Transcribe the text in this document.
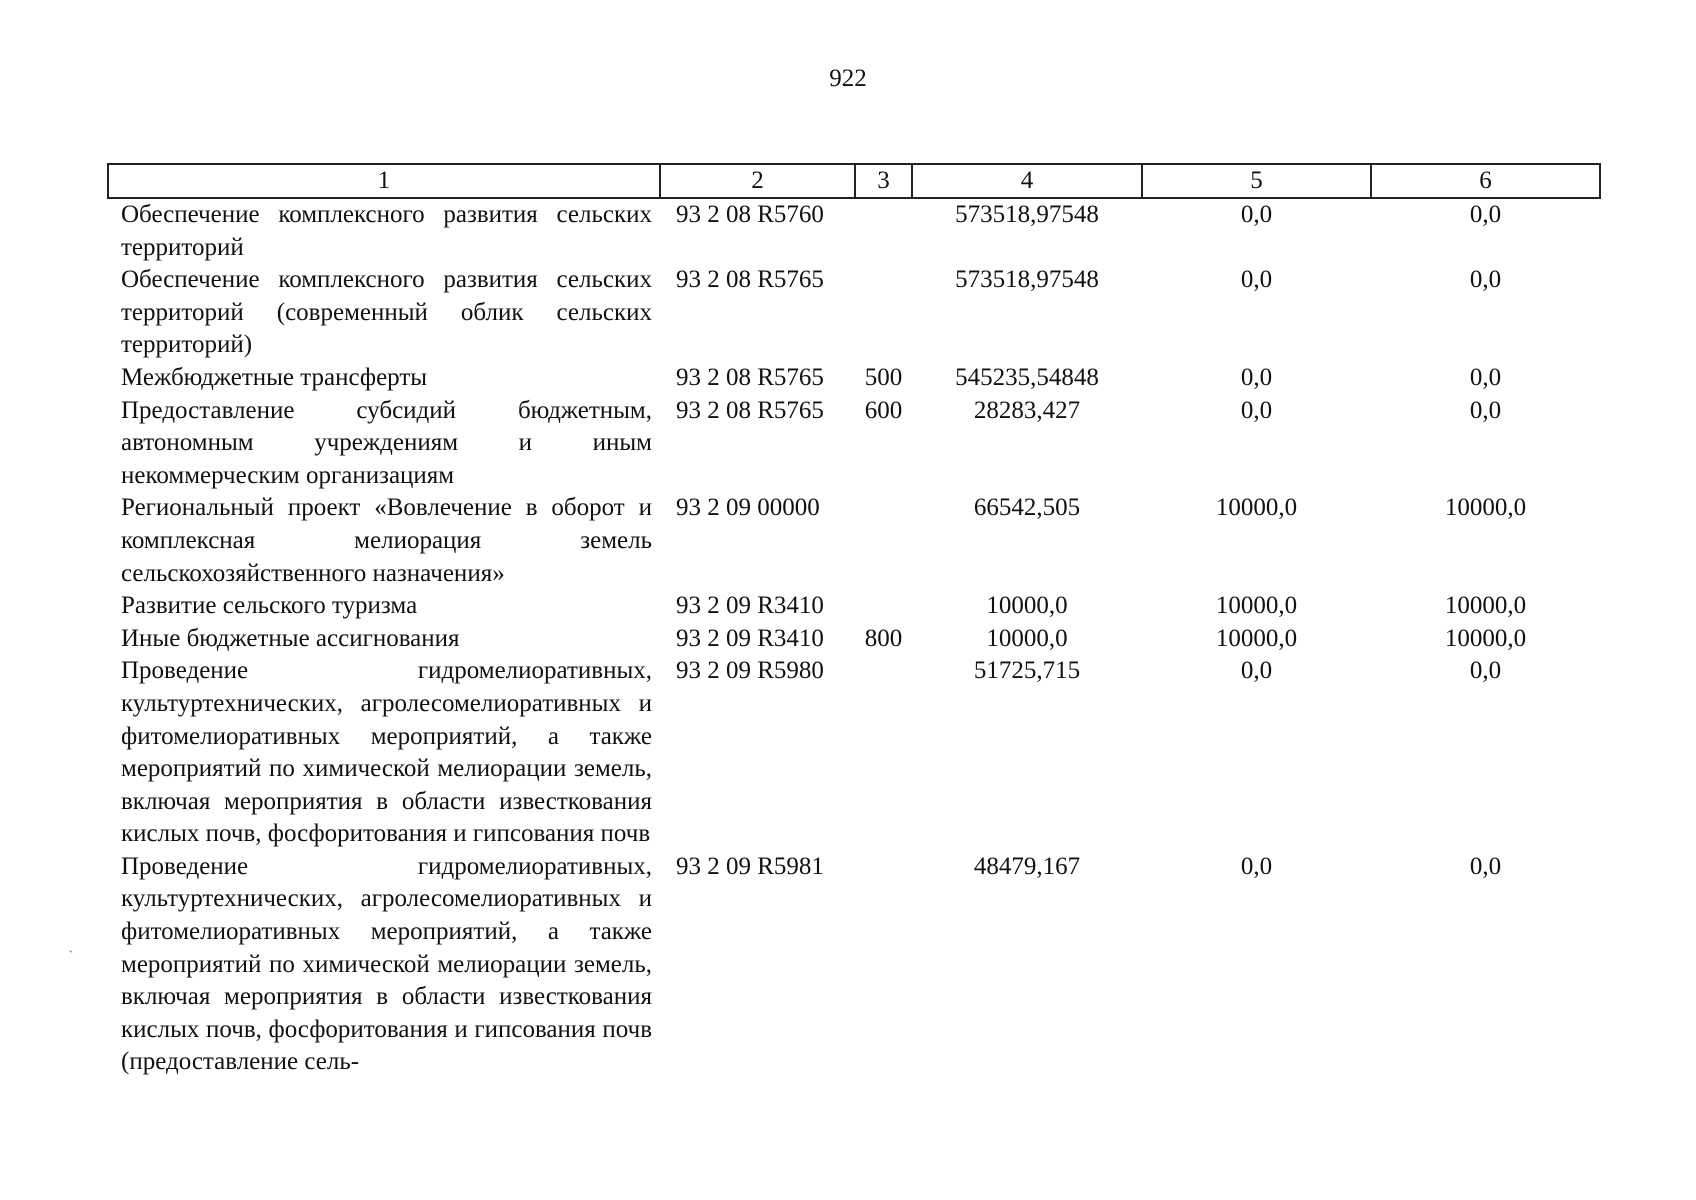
922
1	2	3	4	5	6
Обеспечение комплексного развития сельских территорий	93 2 08 R5760		573518,97548	0,0	0,0
Обеспечение комплексного развития сельских территорий (современный облик сельских территорий)	93 2 08 R5765		573518,97548	0,0	0,0
Межбюджетные трансферты	93 2 08 R5765	500	545235,54848	0,0	0,0
Предоставление субсидий бюджетным, автономным учреждениям и иным некоммерческим организациям	93 2 08 R5765	600	28283,427	0,0	0,0
Региональный проект «Вовлечение в оборот и комплексная мелиорация земель сельскохозяйственного назначения»	93 2 09 00000		66542,505	10000,0	10000,0
Развитие сельского туризма	93 2 09 R3410		10000,0	10000,0	10000,0
Иные бюджетные ассигнования	93 2 09 R3410	800	10000,0	10000,0	10000,0
Проведение гидромелиоративных, культуртехнических, агролесомелиоративных и фитомелиоративных мероприятий, а также мероприятий по химической мелиорации земель, включая мероприятия в области известкования кислых почв, фосфоритования и гипсования почв	93 2 09 R5980		51725,715	0,0	0,0
Проведение гидромелиоративных, культуртехнических, агролесомелиоративных и фитомелиоративных мероприятий, а также мероприятий по химической мелиорации земель, включая мероприятия в области известкования кислых почв, фосфоритования и гипсования почв (предоставление сель-	93 2 09 R5981		48479,167	0,0	0,0
`
